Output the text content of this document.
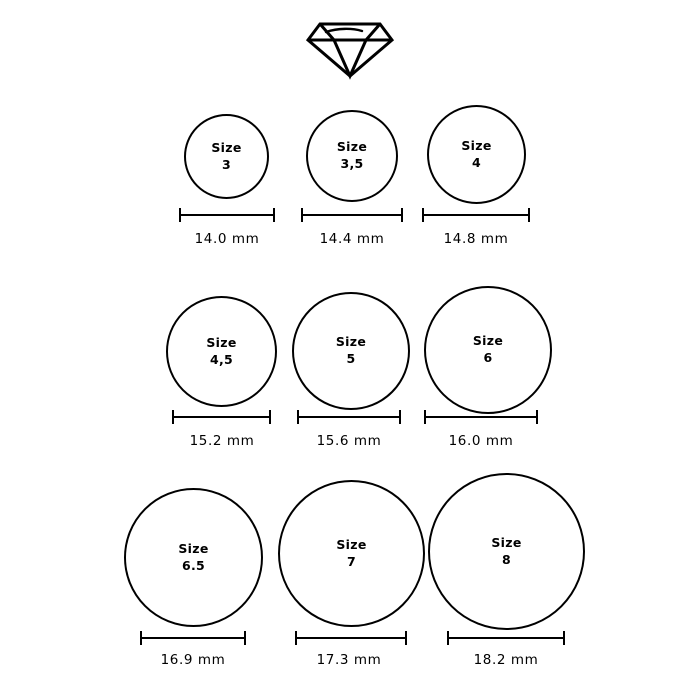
Size
3
14.0 mm
Size
3,5
14.4 mm
Size
4
14.8 mm
Size
4,5
15.2 mm
Size
5
15.6 mm
Size
6
16.0 mm
Size
6.5
16.9 mm
Size
7
17.3 mm
Size
8
18.2 mm
